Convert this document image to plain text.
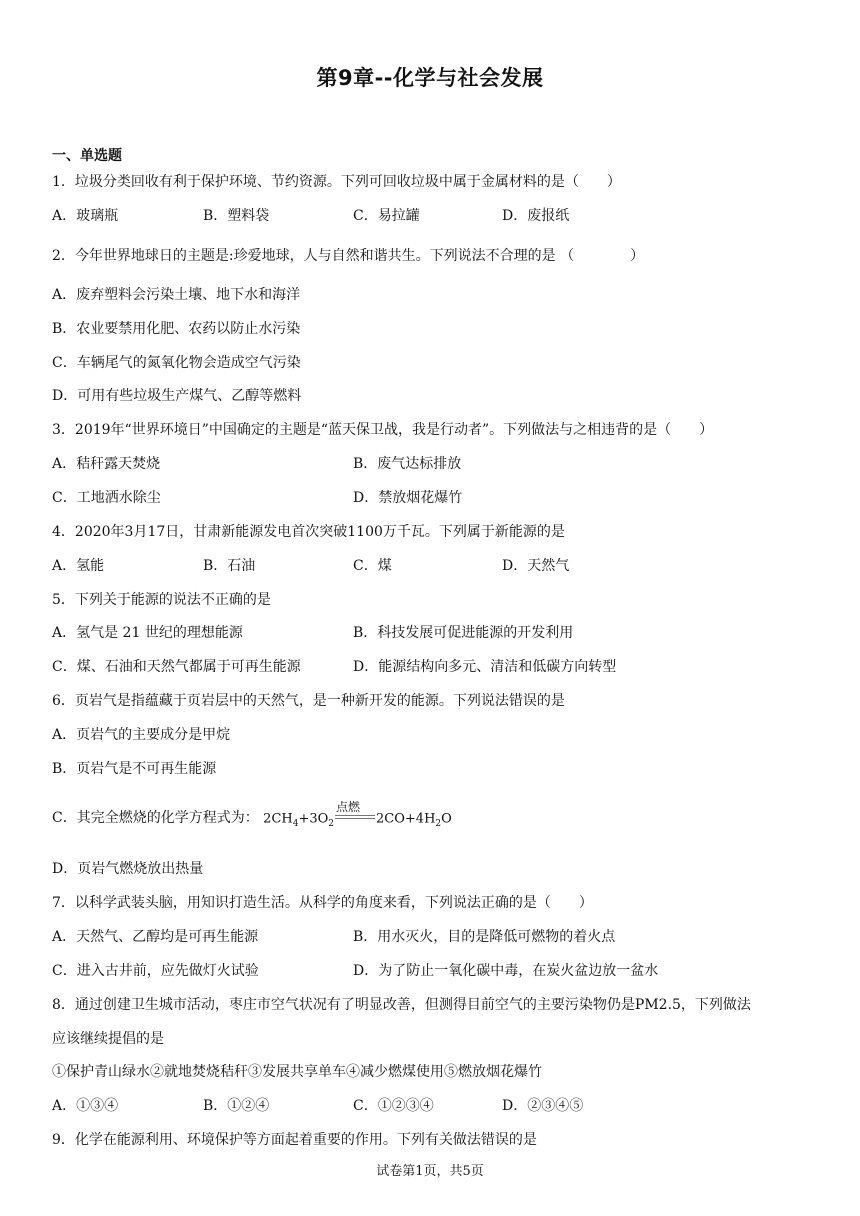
第9章--化学与社会发展
一、单选题
1．垃圾分类回收有利于保护环境、节约资源。下列可回收垃圾中属于金属材料的是（　　）
A．玻璃瓶	B．塑料袋	C．易拉罐	D．废报纸
2．今年世界地球日的主题是:珍爱地球，人与自然和谐共生。下列说法不合理的是 （　　　　）
A．废弃塑料会污染土壤、地下水和海洋
B．农业要禁用化肥、农药以防止水污染
C．车辆尾气的氮氧化物会造成空气污染
D．可用有些垃圾生产煤气、乙醇等燃料
3．2019年“世界环境日”中国确定的主题是“蓝天保卫战，我是行动者”。下列做法与之相违背的是（　　）
A．秸秆露天焚烧	B．废气达标排放
C．工地洒水除尘	D．禁放烟花爆竹
4．2020年3月17日，甘肃新能源发电首次突破1100万千瓦。下列属于新能源的是
A．氢能	B．石油	C．煤	D．天然气
5．下列关于能源的说法不正确的是
A．氢气是 21 世纪的理想能源	B．科技发展可促进能源的开发利用
C．煤、石油和天然气都属于可再生能源	D．能源结构向多元、清洁和低碳方向转型
6．页岩气是指蕴藏于页岩层中的天然气，是一种新开发的能源。下列说法错误的是
A．页岩气的主要成分是甲烷
B．页岩气是不可再生能源
C．其完全燃烧的化学方程式为： $2CH_4+3O_2$
点燃
$2CO+4H_2O$
D．页岩气燃烧放出热量
7．以科学武装头脑，用知识打造生活。从科学的角度来看，下列说法正确的是（　　）
A．天然气、乙醇均是可再生能源	B．用水灭火，目的是降低可燃物的着火点
C．进入古井前，应先做灯火试验	D．为了防止一氧化碳中毒，在炭火盆边放一盆水
8．通过创建卫生城市活动，枣庄市空气状况有了明显改善，但测得目前空气的主要污染物仍是PM2.5，下列做法
应该继续提倡的是
①保护青山绿水②就地焚烧秸秆③发展共享单车④减少燃煤使用⑤燃放烟花爆竹
A．①③④	B．①②④	C．①②③④	D．②③④⑤
9．化学在能源利用、环境保护等方面起着重要的作用。下列有关做法错误的是
试卷第1页，共5页
